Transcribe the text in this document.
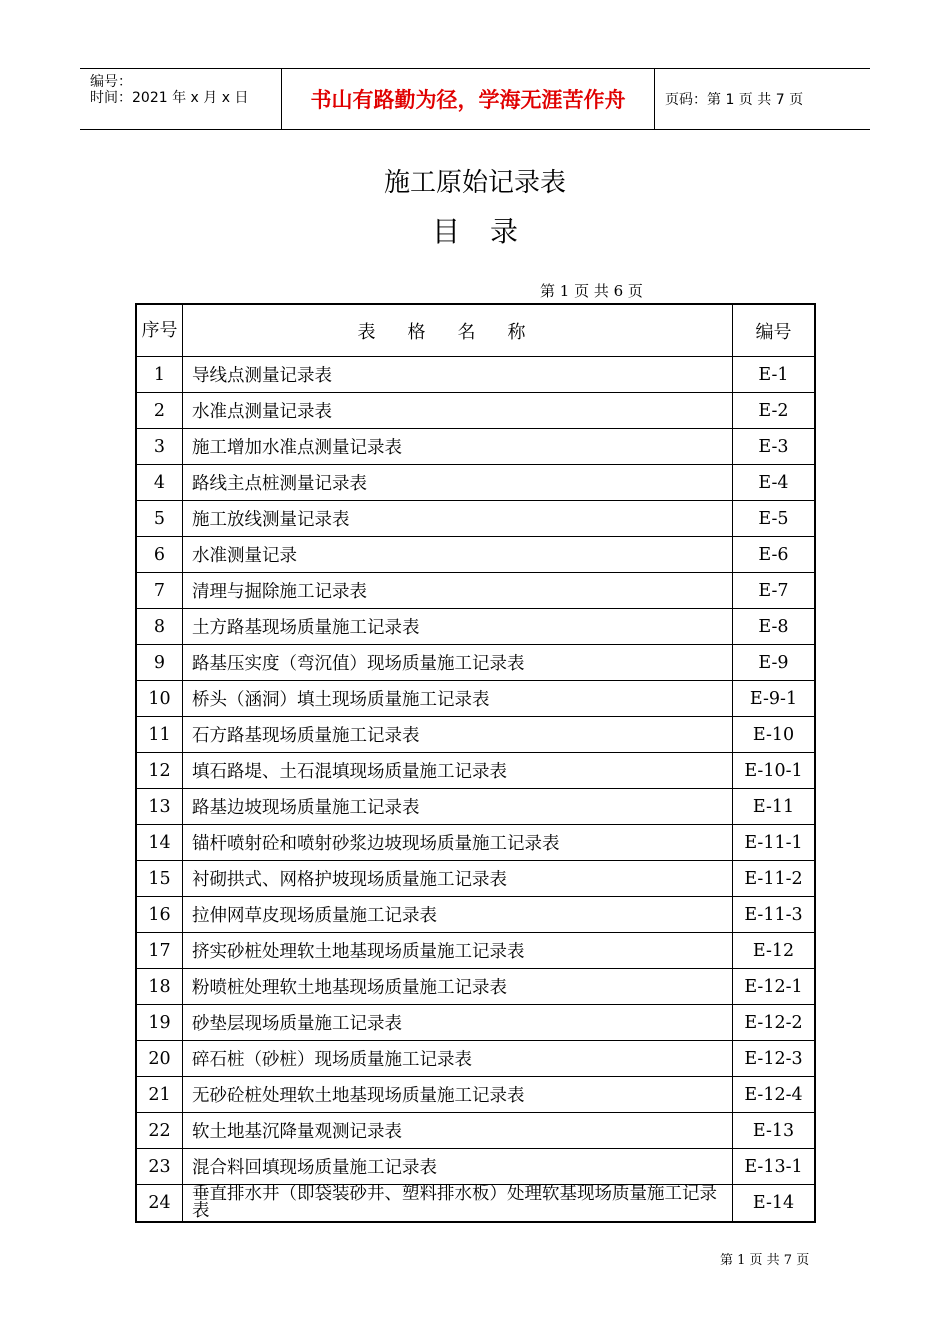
编号：
时间：2021 年 x 月 x 日	书山有路勤为径，学海无涯苦作舟	页码：第 1 页 共 7 页
施工原始记录表
目录
第 1 页 共 6 页
序号	表格名称	编号
1	导线点测量记录表	E-1
2	水准点测量记录表	E-2
3	施工增加水准点测量记录表	E-3
4	路线主点桩测量记录表	E-4
5	施工放线测量记录表	E-5
6	水准测量记录	E-6
7	清理与掘除施工记录表	E-7
8	土方路基现场质量施工记录表	E-8
9	路基压实度（弯沉值）现场质量施工记录表	E-9
10	桥头（涵洞）填土现场质量施工记录表	E-9-1
11	石方路基现场质量施工记录表	E-10
12	填石路堤、土石混填现场质量施工记录表	E-10-1
13	路基边坡现场质量施工记录表	E-11
14	锚杆喷射砼和喷射砂浆边坡现场质量施工记录表	E-11-1
15	衬砌拱式、网格护坡现场质量施工记录表	E-11-2
16	拉伸网草皮现场质量施工记录表	E-11-3
17	挤实砂桩处理软土地基现场质量施工记录表	E-12
18	粉喷桩处理软土地基现场质量施工记录表	E-12-1
19	砂垫层现场质量施工记录表	E-12-2
20	碎石桩（砂桩）现场质量施工记录表	E-12-3
21	无砂砼桩处理软土地基现场质量施工记录表	E-12-4
22	软土地基沉降量观测记录表	E-13
23	混合料回填现场质量施工记录表	E-13-1
24	垂直排水井（即袋装砂井、塑料排水板）处理软基现场质量施工记录表	E-14
第 1 页 共 7 页
